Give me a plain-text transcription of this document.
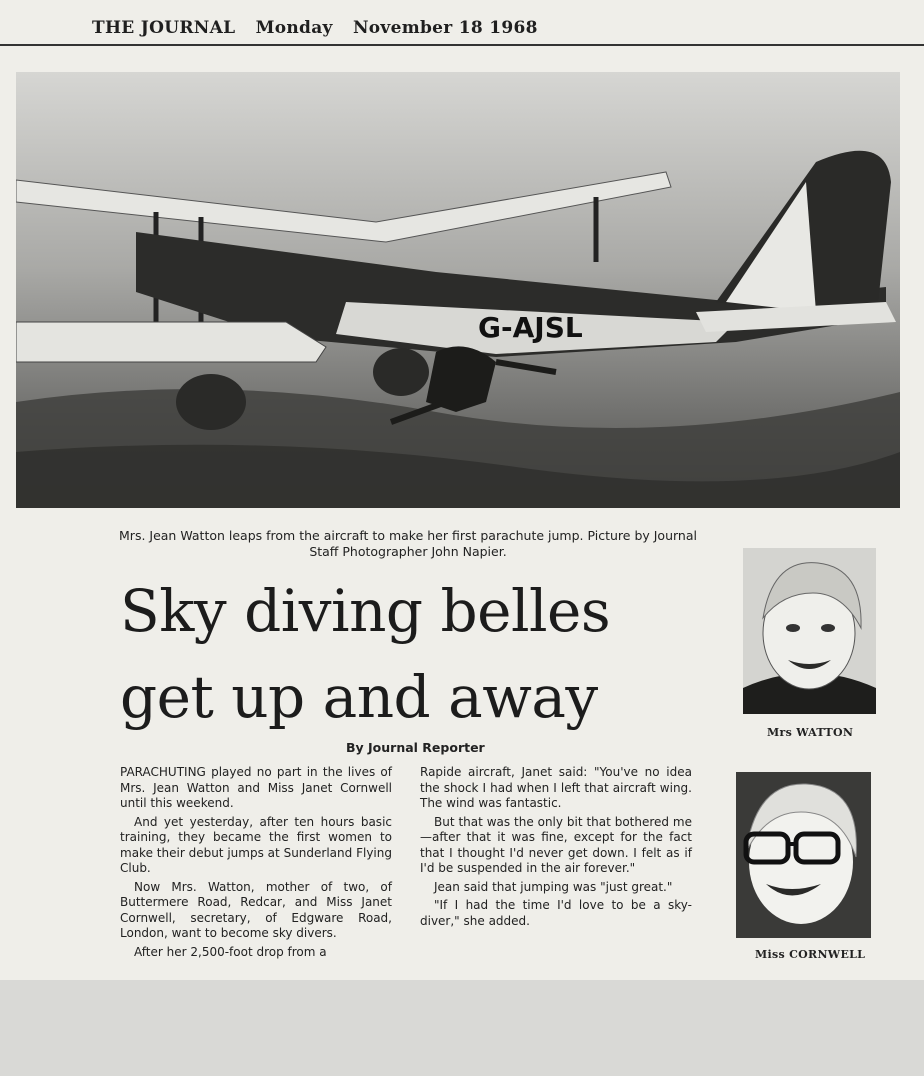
THE JOURNAL Monday November 18 1968
G-AJSL
Mrs. Jean Watton leaps from the aircraft to make her first parachute jump. Picture by Journal Staff Photographer John Napier.
Sky diving belles
get up and away
By Journal Reporter

PARACHUTING played no part in the lives of Mrs. Jean Watton and Miss Janet Cornwell until this weekend.

And yet yesterday, after ten hours basic training, they became the first women to make their debut jumps at Sunderland Flying Club.

Now Mrs. Watton, mother of two, of Buttermere Road, Redcar, and Miss Janet Cornwell, secretary, of Edgware Road, London, want to become sky divers.

After her 2,500-foot drop from a

Rapide aircraft, Janet said: "You've no idea the shock I had when I left that aircraft wing. The wind was fantastic.

But that was the only bit that bothered me—after that it was fine, except for the fact that I thought I'd never get down. I felt as if I'd be suspended in the air forever."

Jean said that jumping was "just great."

"If I had the time I'd love to be a sky-diver," she added.

Mrs WATTON
Miss CORNWELL
